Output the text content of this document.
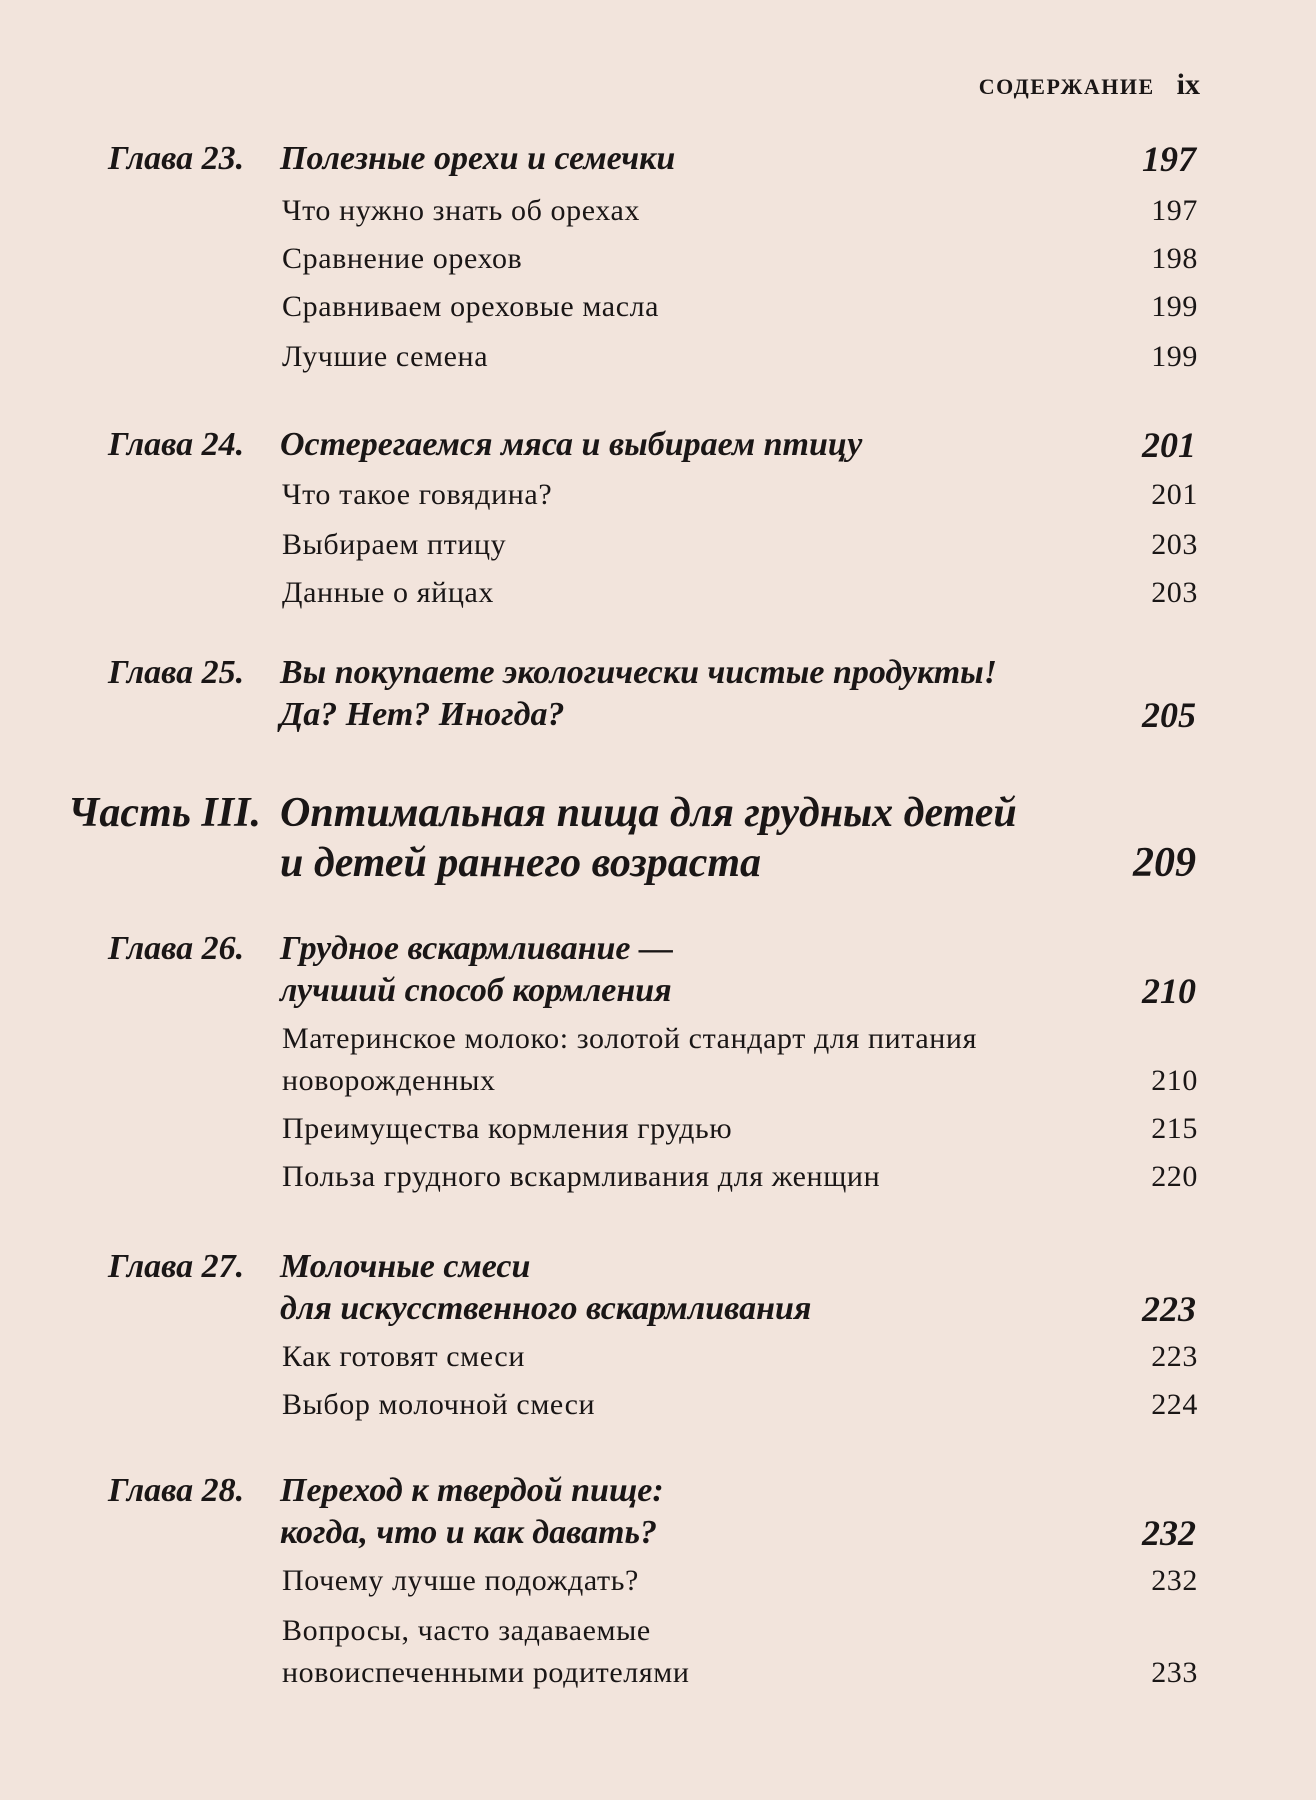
СОДЕРЖАНИЕ ix
Глава 23. Полезные орехи и семечки	197
Что нужно знать об орехах	197
Сравнение орехов	198
Сравниваем ореховые масла	199
Лучшие семена	199
Глава 24. Остерегаемся мяса и выбираем птицу	201
Что такое говядина?	201
Выбираем птицу	203
Данные о яйцах	203
Глава 25. Вы покупаете экологически чистые продукты!
Да? Нет? Иногда?	205
Часть III. Оптимальная пища для грудных детей
и детей раннего возраста	209
Глава 26. Грудное вскармливание —
лучший способ кормления	210
Материнское молоко: золотой стандарт для питания
новорожденных	210
Преимущества кормления грудью	215
Польза грудного вскармливания для женщин	220
Глава 27. Молочные смеси
для искусственного вскармливания	223
Как готовят смеси	223
Выбор молочной смеси	224
Глава 28. Переход к твердой пище:
когда, что и как давать?	232
Почему лучше подождать?	232
Вопросы, часто задаваемые
новоиспеченными родителями	233
